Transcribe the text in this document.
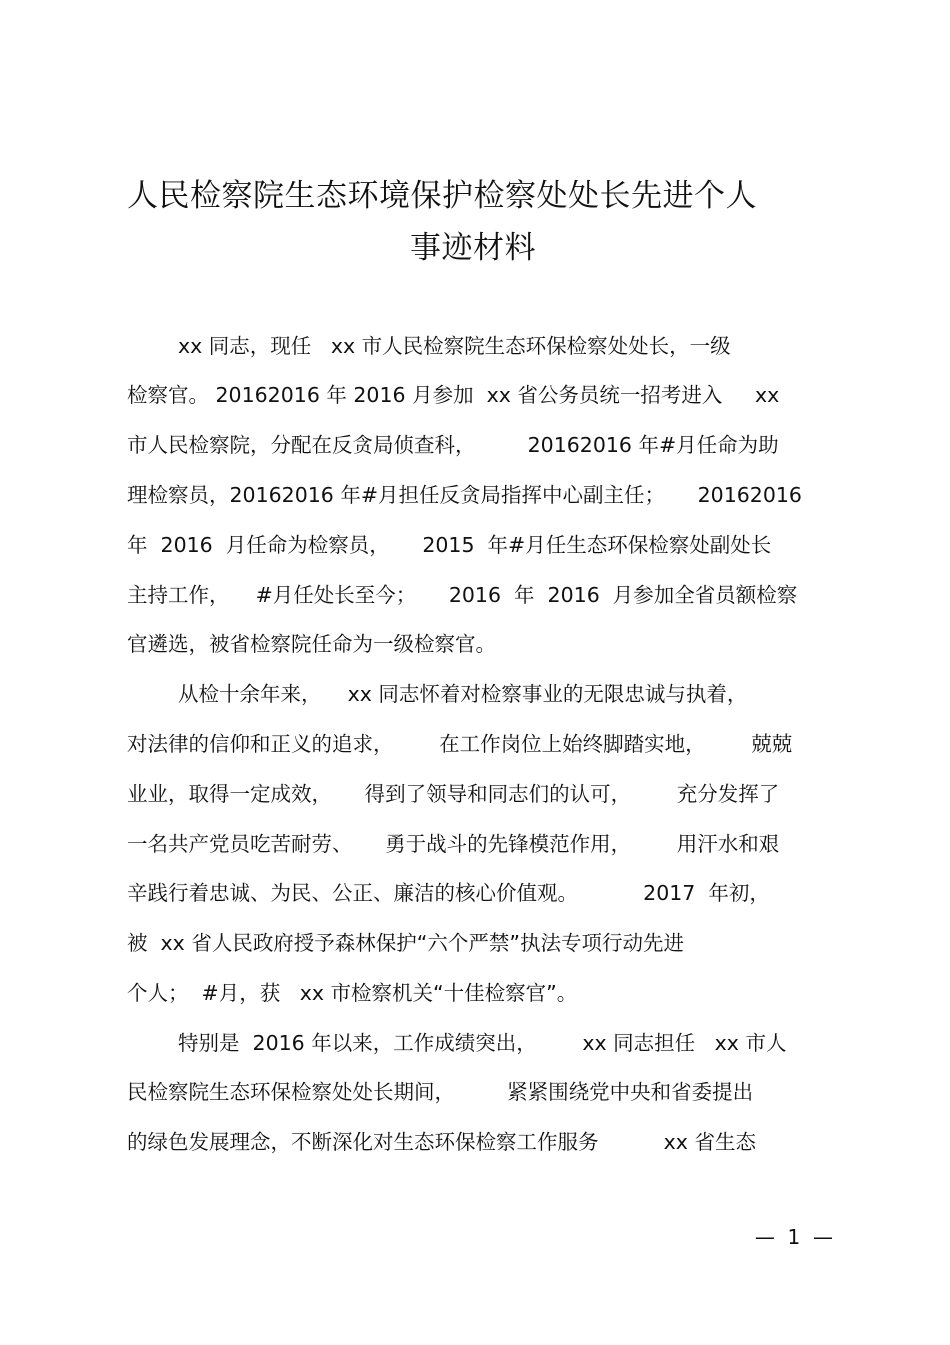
人民检察院生态环境保护检察处处长先进个人
事迹材料
xx 同志，现任   xx 市人民检察院生态环保检察处处长，一级
检察官。 20162016 年 2016 月参加  xx 省公务员统一招考进入     xx
市人民检察院，分配在反贪局侦查科，        20162016 年#月任命为助
理检察员，20162016 年#月担任反贪局指挥中心副主任；     20162016
年  2016  月任命为检察员，     2015  年#月任生态环保检察处副处长
主持工作，    #月任处长至今；     2016  年  2016  月参加全省员额检察
官遴选，被省检察院任命为一级检察官。
从检十余年来，    xx 同志怀着对检察事业的无限忠诚与执着，
对法律的信仰和正义的追求，       在工作岗位上始终脚踏实地，       兢兢
业业，取得一定成效，     得到了领导和同志们的认可，       充分发挥了
一名共产党员吃苦耐劳、     勇于战斗的先锋模范作用，       用汗水和艰
辛践行着忠诚、为民、公正、廉洁的核心价值观。          2017  年初，
被  xx 省人民政府授予森林保护“六个严禁”执法专项行动先进
个人；  #月，获   xx 市检察机关“十佳检察官”。
特别是  2016 年以来，工作成绩突出，       xx 同志担任   xx 市人
民检察院生态环保检察处处长期间，        紧紧围绕党中央和省委提出
的绿色发展理念，不断深化对生态环保检察工作服务          xx 省生态
—  1  —
